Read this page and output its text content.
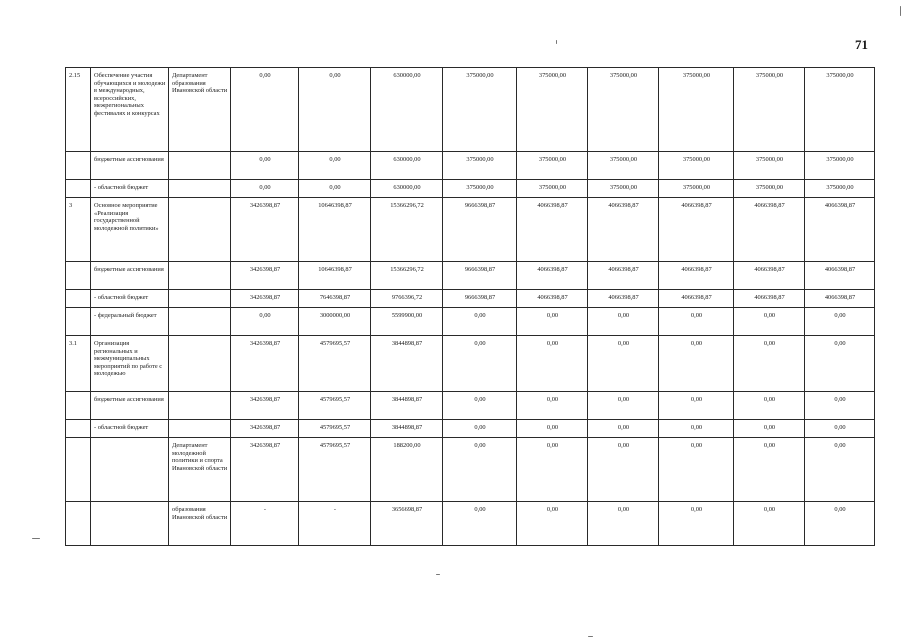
71
2.15	Обеспечение участия обучающихся и молодежи в международных, всероссийских, межрегиональных фестивалях и конкурсах	Департамент образования Ивановской области	0,00	0,00	630000,00	375000,00	375000,00	375000,00	375000,00	375000,00	375000,00		
	бюджетные ассигнования		0,00	0,00	630000,00	375000,00	375000,00	375000,00	375000,00	375000,00	375000,00		
	- областной бюджет		0,00	0,00	630000,00	375000,00	375000,00	375000,00	375000,00	375000,00	375000,00		
3	Основное мероприятие «Реализация государственной молодежной политики»		3426398,87	10646398,87	15366296,72	9666398,87	4066398,87	4066398,87	4066398,87	4066398,87	4066398,87		
	бюджетные ассигнования		3426398,87	10646398,87	15366296,72	9666398,87	4066398,87	4066398,87	4066398,87	4066398,87	4066398,87		
	- областной бюджет		3426398,87	7646398,87	9766396,72	9666398,87	4066398,87	4066398,87	4066398,87	4066398,87	4066398,87		
	- федеральный бюджет		0,00	3000000,00	5599900,00	0,00	0,00	0,00	0,00	0,00	0,00		
3.1	Организация региональных и межмуниципальных мероприятий по работе с молодежью		3426398,87	4579695,57	3844898,87	0,00	0,00	0,00	0,00	0,00	0,00		
	бюджетные ассигнования		3426398,87	4579695,57	3844898,87	0,00	0,00	0,00	0,00	0,00	0,00		
	- областной бюджет		3426398,87	4579695,57	3844898,87	0,00	0,00	0,00	0,00	0,00	0,00		
		Департамент молодежной политики и спорта Ивановской области	3426398,87	4579695,57	188200,00	0,00	0,00	0,00	0,00	0,00	0,00		
		образования Ивановской области	-	-	3656698,87	0,00	0,00	0,00	0,00	0,00	0,00		
